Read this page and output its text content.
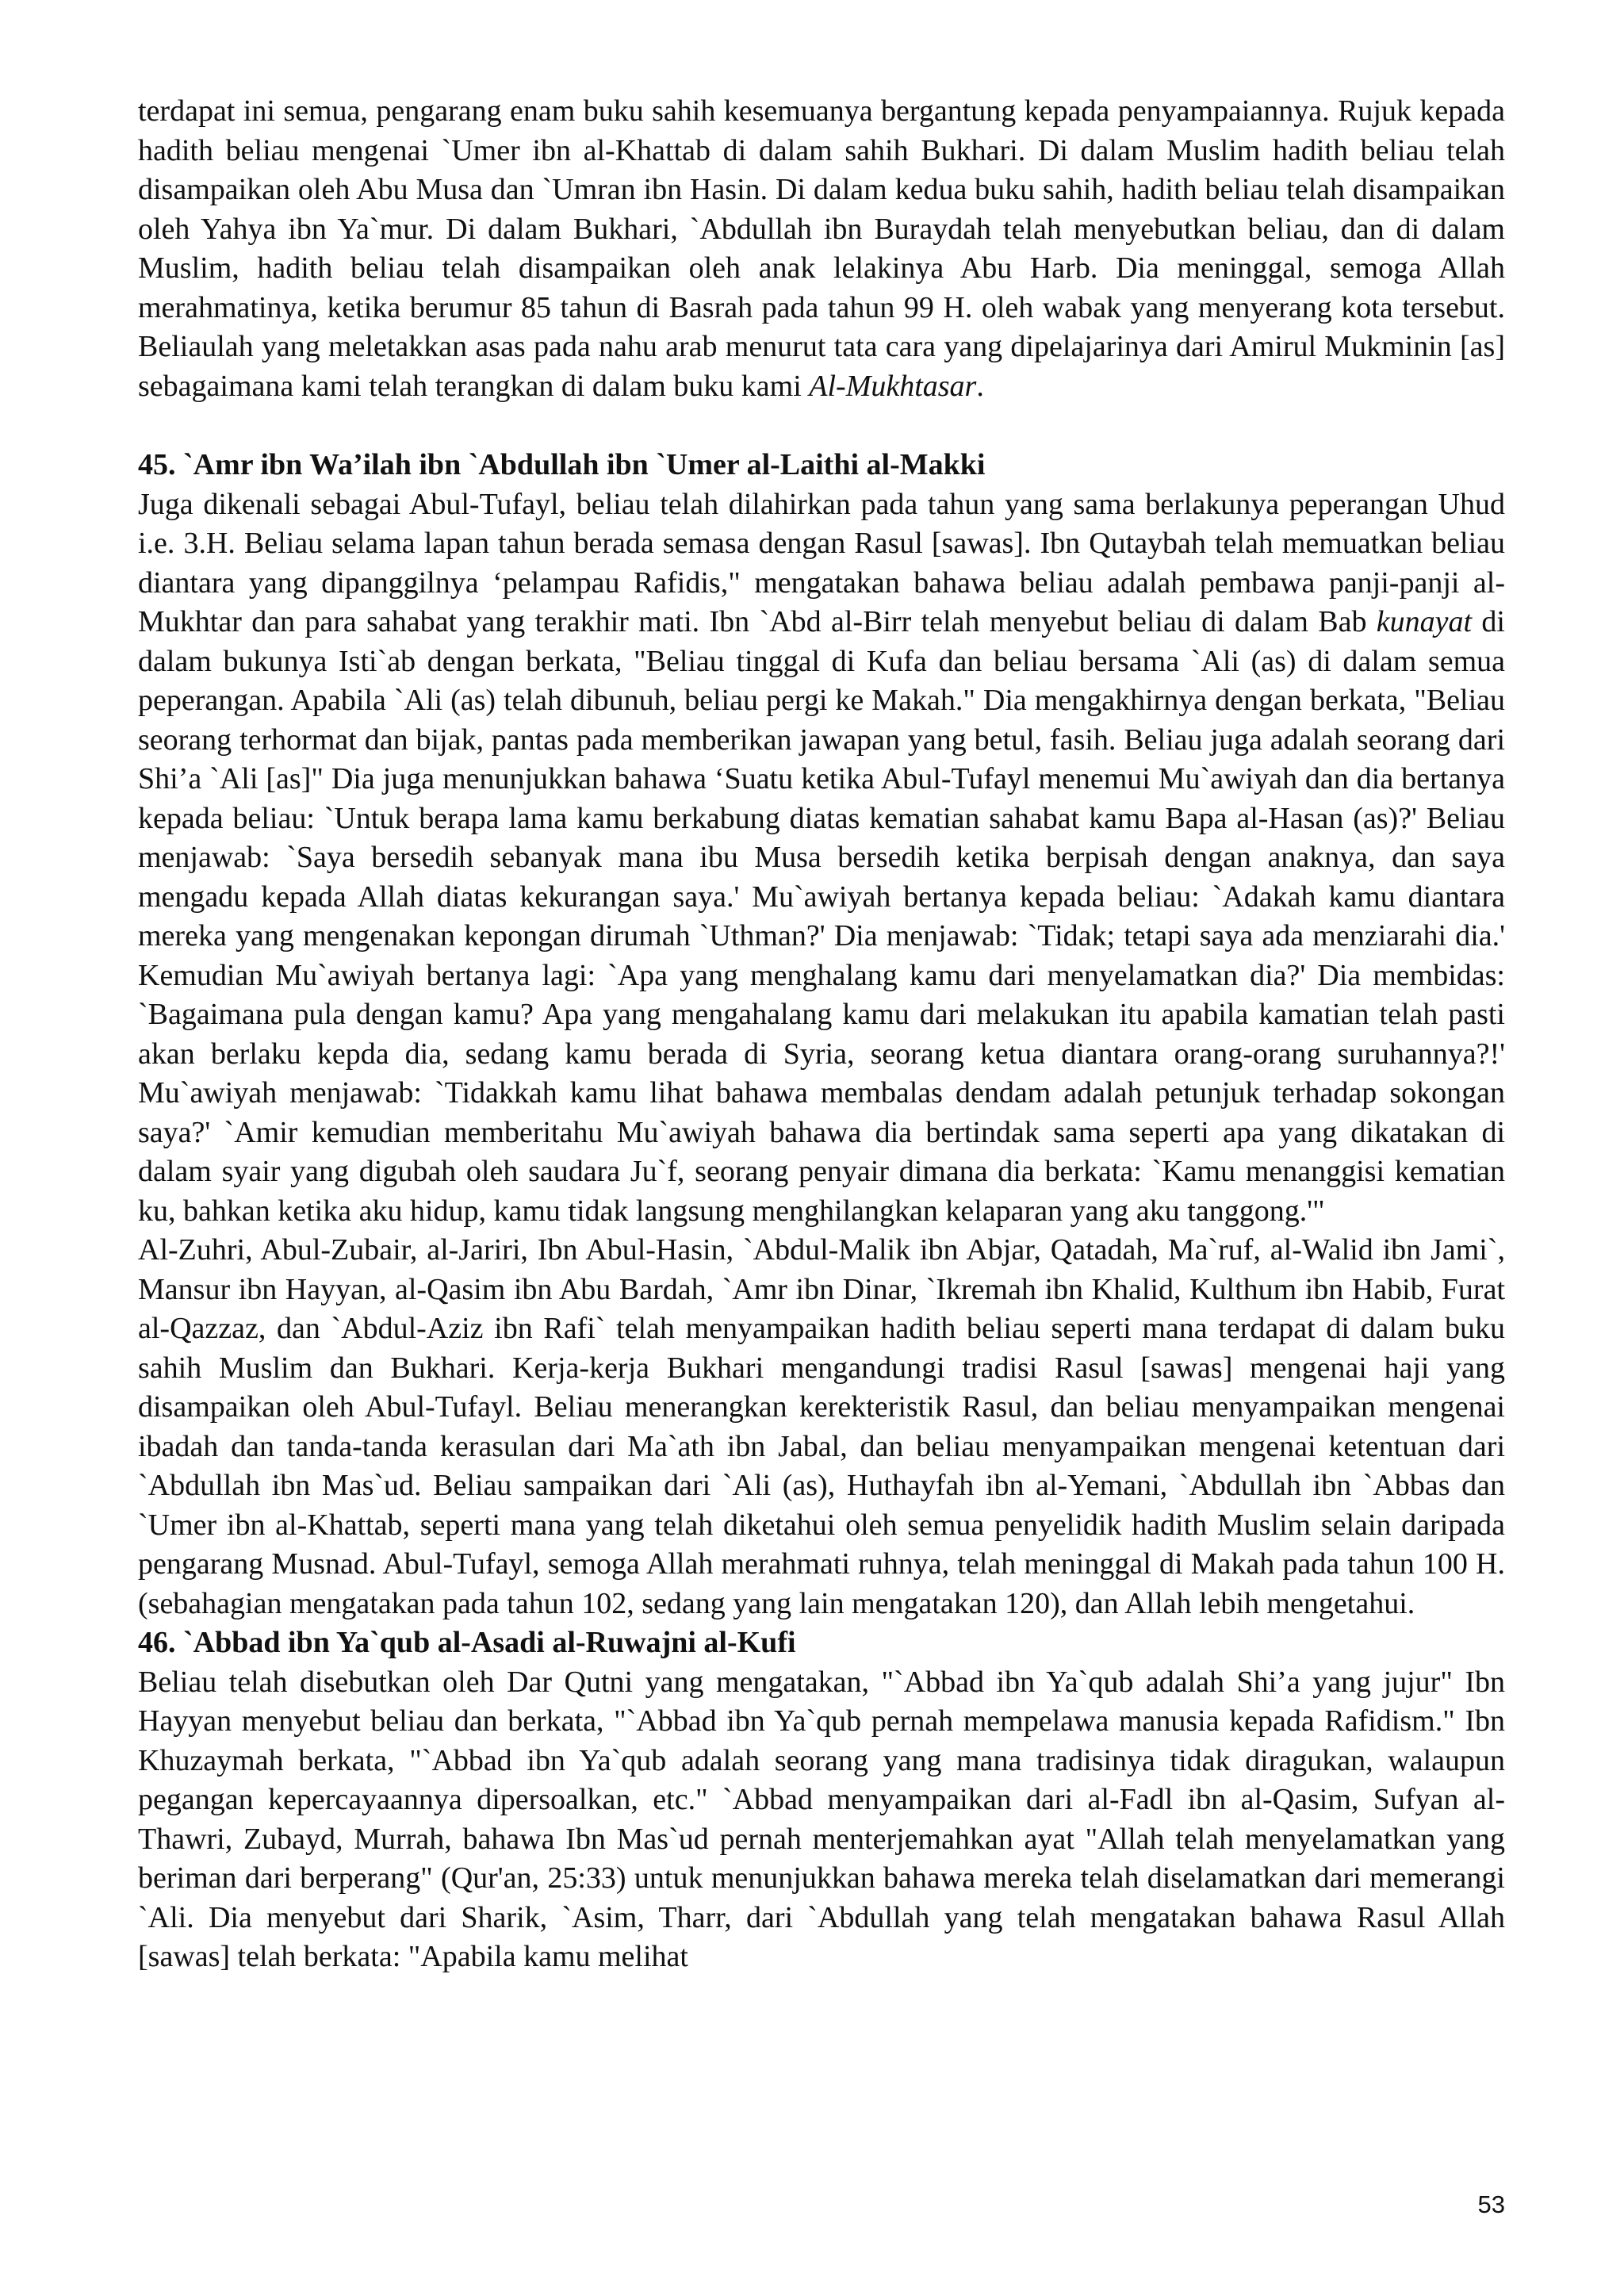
terdapat ini semua, pengarang enam buku sahih kesemuanya bergantung kepada penyampaiannya. Rujuk kepada hadith beliau mengenai `Umer ibn al-Khattab di dalam sahih Bukhari. Di dalam Muslim hadith beliau telah disampaikan oleh Abu Musa dan `Umran ibn Hasin. Di dalam kedua buku sahih, hadith beliau telah disampaikan oleh Yahya ibn Ya`mur. Di dalam Bukhari, `Abdullah ibn Buraydah telah menyebutkan beliau, dan di dalam Muslim, hadith beliau telah disampaikan oleh anak lelakinya Abu Harb. Dia meninggal, semoga Allah merahmatinya, ketika berumur 85 tahun di Basrah pada tahun 99 H. oleh wabak yang menyerang kota tersebut. Beliaulah yang meletakkan asas pada nahu arab menurut tata cara yang dipelajarinya dari Amirul Mukminin [as] sebagaimana kami telah terangkan di dalam buku kami Al-Mukhtasar.

45. `Amr ibn Wa’ilah ibn `Abdullah ibn `Umer al-Laithi al-Makki

Juga dikenali sebagai Abul-Tufayl, beliau telah dilahirkan pada tahun yang sama berlakunya peperangan Uhud i.e. 3.H. Beliau selama lapan tahun berada semasa dengan Rasul [sawas]. Ibn Qutaybah telah memuatkan beliau diantara yang dipanggilnya ‘pelampau Rafidis," mengatakan bahawa beliau adalah pembawa panji-panji al-Mukhtar dan para sahabat yang terakhir mati. Ibn `Abd al-Birr telah menyebut beliau di dalam Bab kunayat di dalam bukunya Isti`ab dengan berkata, "Beliau tinggal di Kufa dan beliau bersama `Ali (as) di dalam semua peperangan. Apabila `Ali (as) telah dibunuh, beliau pergi ke Makah." Dia mengakhirnya dengan berkata, "Beliau seorang terhormat dan bijak, pantas pada memberikan jawapan yang betul, fasih. Beliau juga adalah seorang dari Shi’a `Ali [as]" Dia juga menunjukkan bahawa ‘Suatu ketika Abul-Tufayl menemui Mu`awiyah dan dia bertanya kepada beliau: `Untuk berapa lama kamu berkabung diatas kematian sahabat kamu Bapa al-Hasan (as)?' Beliau menjawab: `Saya bersedih sebanyak mana ibu Musa bersedih ketika berpisah dengan anaknya, dan saya mengadu kepada Allah diatas kekurangan saya.' Mu`awiyah bertanya kepada beliau: `Adakah kamu diantara mereka yang mengenakan kepongan dirumah `Uthman?' Dia menjawab: `Tidak; tetapi saya ada menziarahi dia.' Kemudian Mu`awiyah bertanya lagi: `Apa yang menghalang kamu dari menyelamatkan dia?' Dia membidas: `Bagaimana pula dengan kamu? Apa yang mengahalang kamu dari melakukan itu apabila kamatian telah pasti akan berlaku kepda dia, sedang kamu berada di Syria, seorang ketua diantara orang-orang suruhannya?!' Mu`awiyah menjawab: `Tidakkah kamu lihat bahawa membalas dendam adalah petunjuk terhadap sokongan saya?' `Amir kemudian memberitahu Mu`awiyah bahawa dia bertindak sama seperti apa yang dikatakan di dalam syair yang digubah oleh saudara Ju`f, seorang penyair dimana dia berkata: `Kamu menanggisi kematian ku, bahkan ketika aku hidup, kamu tidak langsung menghilangkan kelaparan yang aku tanggong.'"

Al-Zuhri, Abul-Zubair, al-Jariri, Ibn Abul-Hasin, `Abdul-Malik ibn Abjar, Qatadah, Ma`ruf, al-Walid ibn Jami`, Mansur ibn Hayyan, al-Qasim ibn Abu Bardah, `Amr ibn Dinar, `Ikremah ibn Khalid, Kulthum ibn Habib, Furat al-Qazzaz, dan `Abdul-Aziz ibn Rafi` telah menyampaikan hadith beliau seperti mana terdapat di dalam buku sahih Muslim dan Bukhari. Kerja-kerja Bukhari mengandungi tradisi Rasul [sawas] mengenai haji yang disampaikan oleh Abul-Tufayl. Beliau menerangkan kerekteristik Rasul, dan beliau menyampaikan mengenai ibadah dan tanda-tanda kerasulan dari Ma`ath ibn Jabal, dan beliau menyampaikan mengenai ketentuan dari `Abdullah ibn Mas`ud. Beliau sampaikan dari `Ali (as), Huthayfah ibn al-Yemani, `Abdullah ibn `Abbas dan `Umer ibn al-Khattab, seperti mana yang telah diketahui oleh semua penyelidik hadith Muslim selain daripada pengarang Musnad. Abul-Tufayl, semoga Allah merahmati ruhnya, telah meninggal di Makah pada tahun 100 H. (sebahagian mengatakan pada tahun 102, sedang yang lain mengatakan 120), dan Allah lebih mengetahui.

46. `Abbad ibn Ya`qub al-Asadi al-Ruwajni al-Kufi

Beliau telah disebutkan oleh Dar Qutni yang mengatakan, "`Abbad ibn Ya`qub adalah Shi’a yang jujur" Ibn Hayyan menyebut beliau dan berkata, "`Abbad ibn Ya`qub pernah mempelawa manusia kepada Rafidism." Ibn Khuzaymah berkata, "`Abbad ibn Ya`qub adalah seorang yang mana tradisinya tidak diragukan, walaupun pegangan kepercayaannya dipersoalkan, etc." `Abbad menyampaikan dari al-Fadl ibn al-Qasim, Sufyan al-Thawri, Zubayd, Murrah, bahawa Ibn Mas`ud pernah menterjemahkan ayat "Allah telah menyelamatkan yang beriman dari berperang" (Qur'an, 25:33) untuk menunjukkan bahawa mereka telah diselamatkan dari memerangi `Ali. Dia menyebut dari Sharik, `Asim, Tharr, dari `Abdullah yang telah mengatakan bahawa Rasul Allah [sawas] telah berkata: "Apabila kamu melihat

53
